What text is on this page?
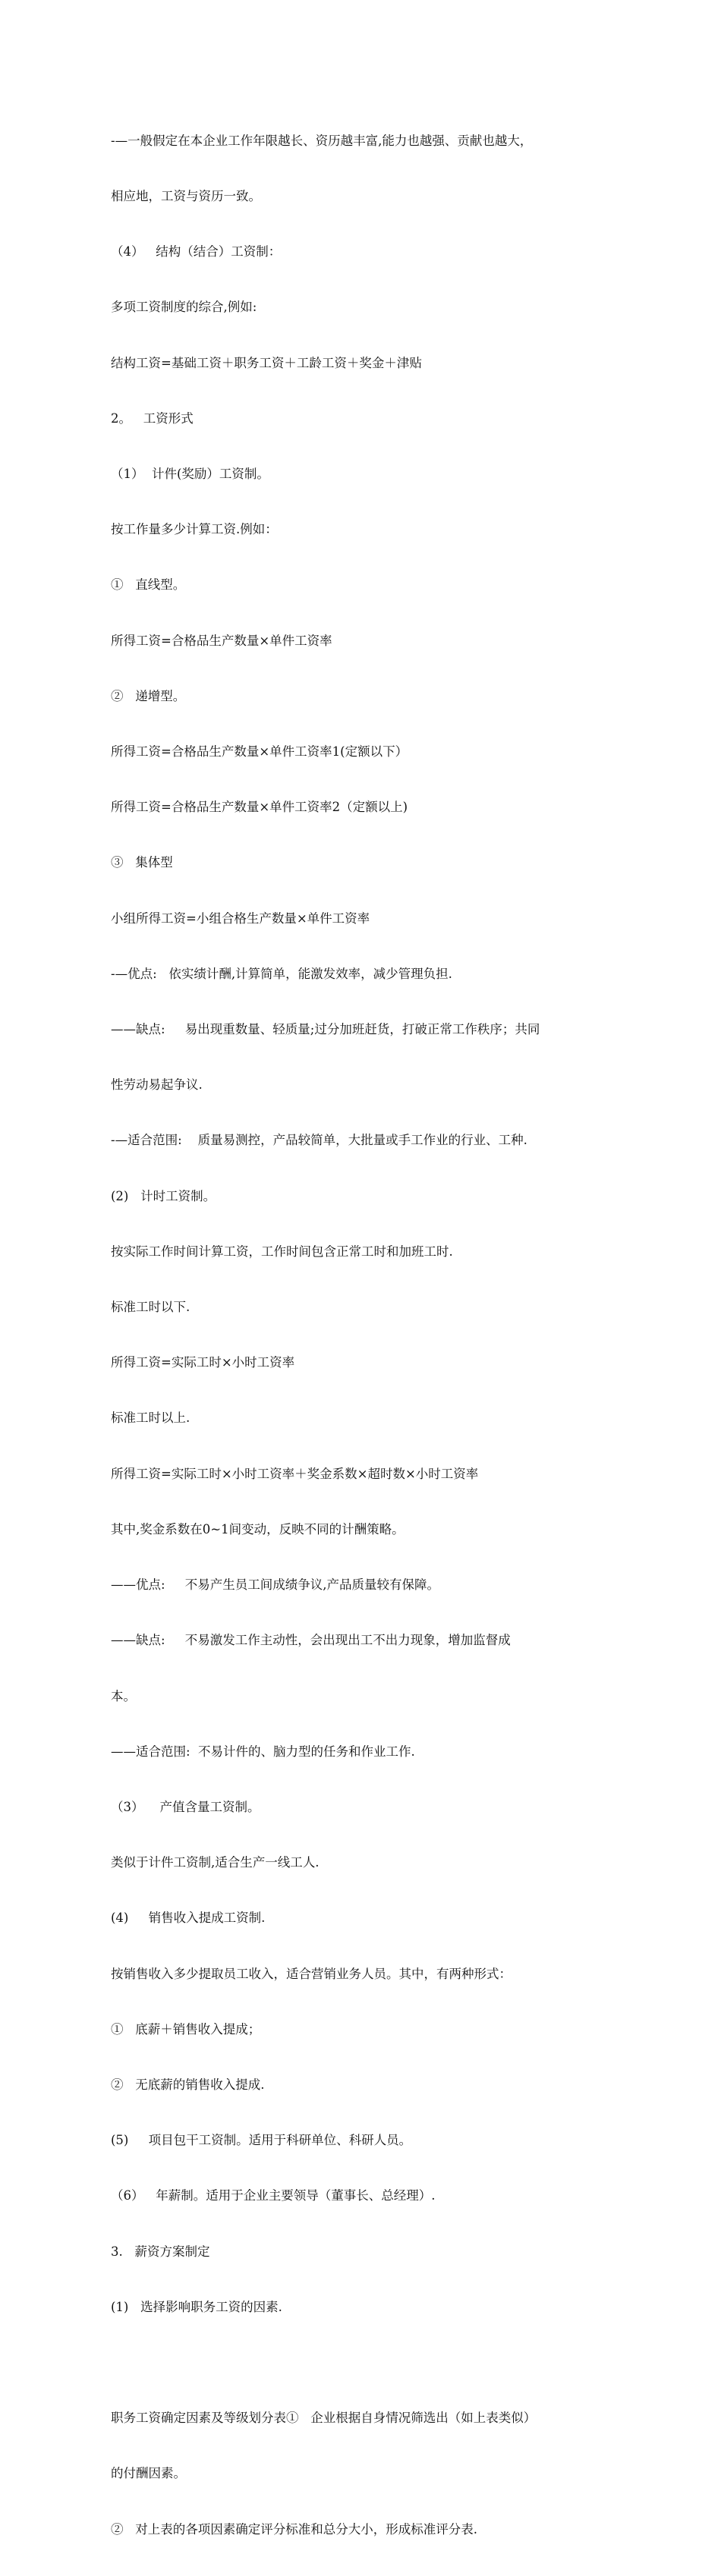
-—一般假定在本企业工作年限越长、资历越丰富,能力也越强、贡献也越大，

相应地，工资与资历一致。

（4）   结构（结合）工资制：

多项工资制度的综合,例如:

结构工资=基础工资＋职务工资＋工龄工资＋奖金＋津贴

2。   工资形式

（1）  计件(奖励）工资制。

按工作量多少计算工资.例如：

①   直线型。

所得工资=合格品生产数量×单件工资率

②   递增型。

所得工资=合格品生产数量×单件工资率1(定额以下）

所得工资=合格品生产数量×单件工资率2（定额以上)

③   集体型

小组所得工资=小组合格生产数量×单件工资率

-—优点:   依实绩计酬,计算简单，能激发效率，减少管理负担.

——缺点:     易出现重数量、轻质量;过分加班赶货，打破正常工作秩序；共同

性劳动易起争议.

-—适合范围:    质量易测控，产品较简单，大批量或手工作业的行业、工种.

(2)   计时工资制。

按实际工作时间计算工资，工作时间包含正常工时和加班工时.

标准工时以下.

所得工资=实际工时×小时工资率

标准工时以上.

所得工资=实际工时×小时工资率＋奖金系数×超时数×小时工资率

其中,奖金系数在0~1间变动，反映不同的计酬策略。

——优点:     不易产生员工间成绩争议,产品质量较有保障。

——缺点:     不易激发工作主动性，会出现出工不出力现象，增加监督成

本。

——适合范围:  不易计件的、脑力型的任务和作业工作.

（3）    产值含量工资制。

类似于计件工资制,适合生产一线工人.

(4)     销售收入提成工资制.

按销售收入多少提取员工收入，适合营销业务人员。其中，有两种形式：

①   底薪＋销售收入提成；

②   无底薪的销售收入提成.

(5)     项目包干工资制。适用于科研单位、科研人员。

（6）   年薪制。适用于企业主要领导（董事长、总经理）.

3.   薪资方案制定

(1)   选择影响职务工资的因素.

职务工资确定因素及等级划分表①   企业根据自身情况筛选出（如上表类似）

的付酬因素。

②   对上表的各项因素确定评分标准和总分大小，形成标准评分表.
